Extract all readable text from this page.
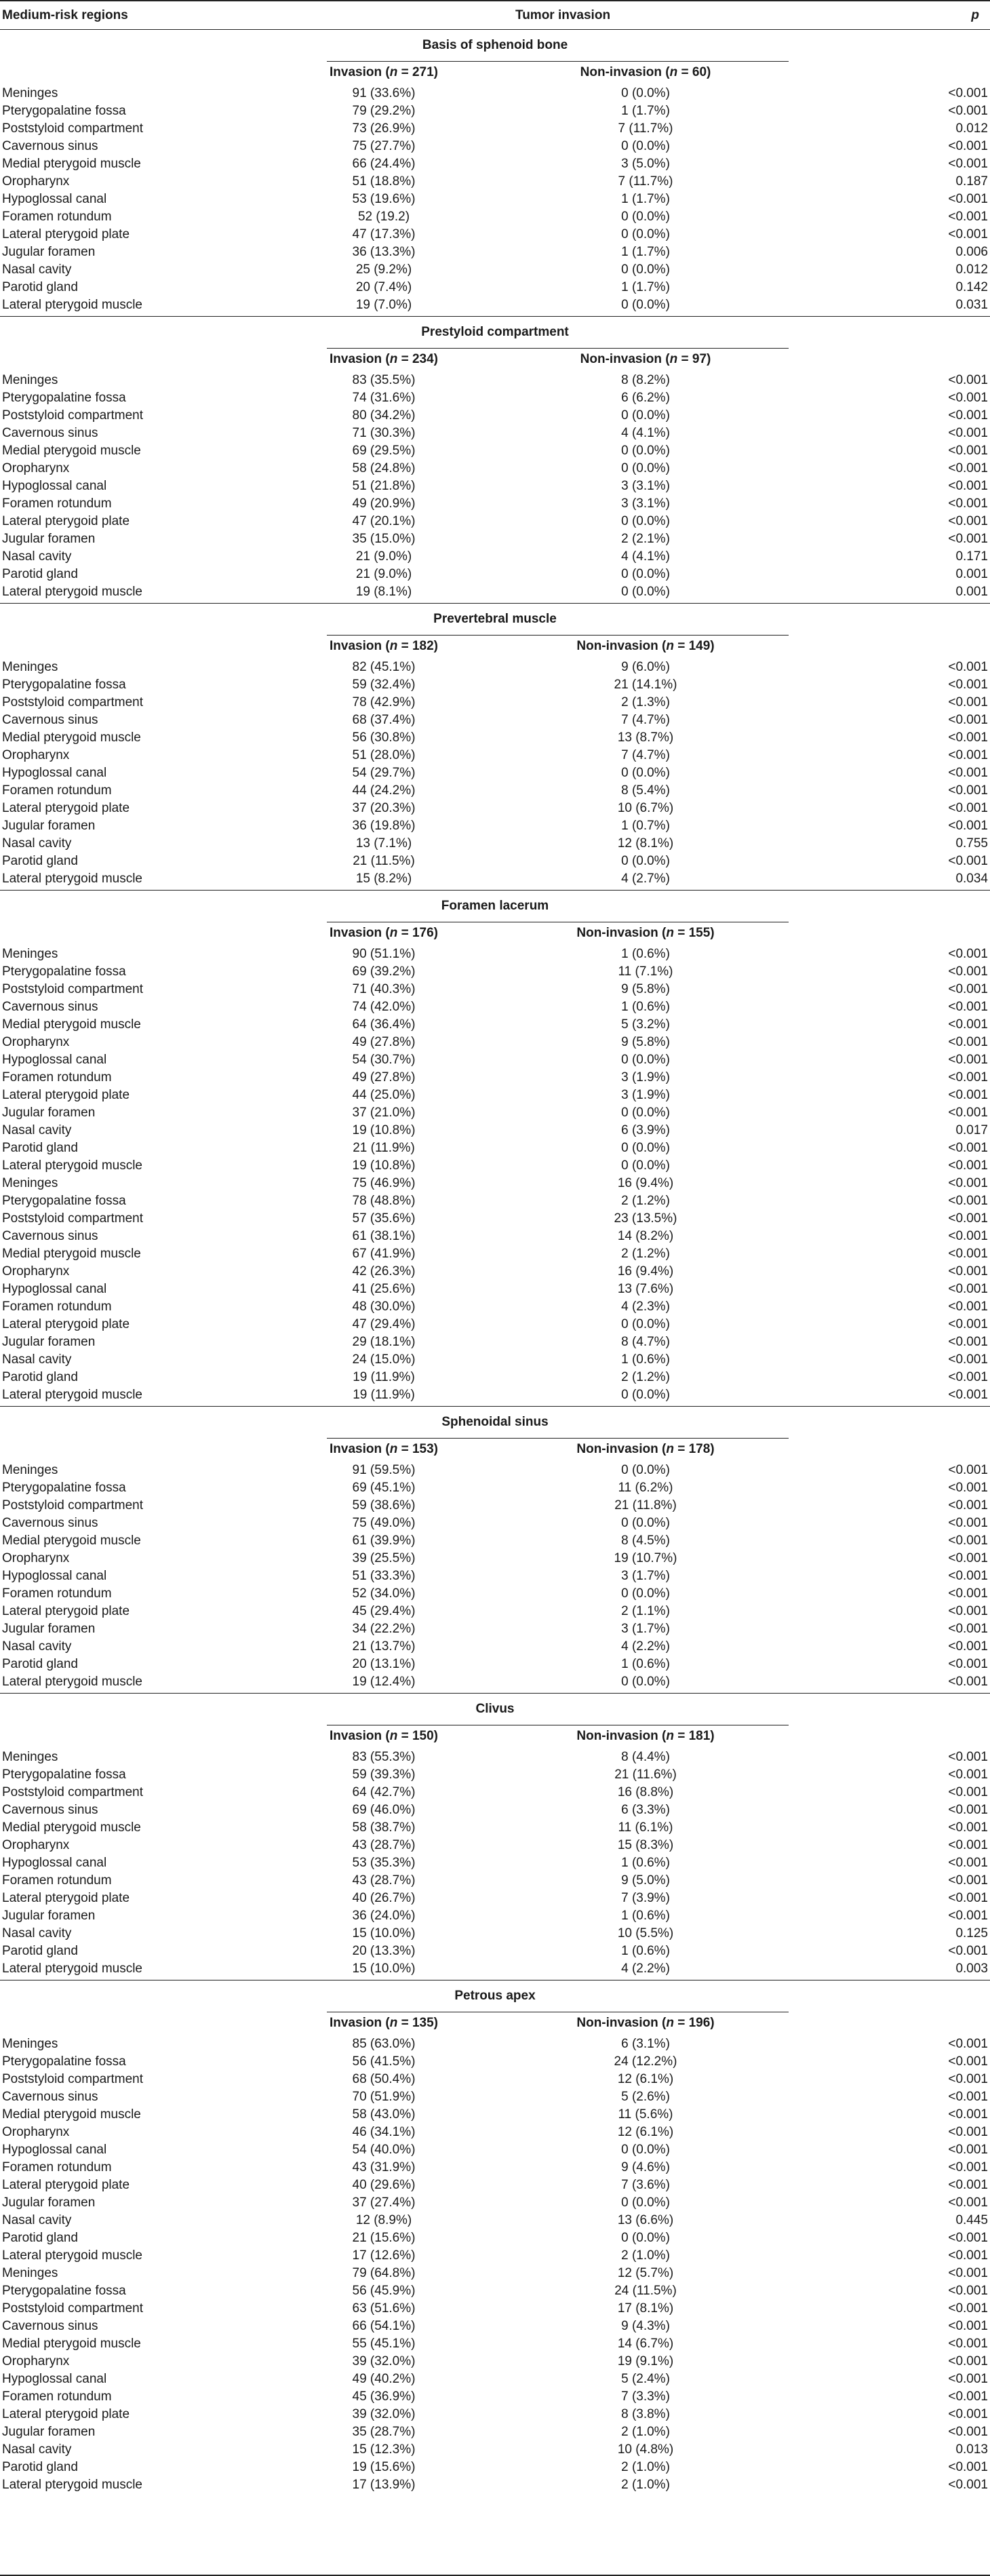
Medium-risk regions	Tumor invasion	p
Basis of sphenoid bone
Invasion (n = 271)	Non-invasion (n = 60)
Meninges	91 (33.6%)	0 (0.0%)	<0.001
Pterygopalatine fossa	79 (29.2%)	1 (1.7%)	<0.001
Poststyloid compartment	73 (26.9%)	7 (11.7%)	0.012
Cavernous sinus	75 (27.7%)	0 (0.0%)	<0.001
Medial pterygoid muscle	66 (24.4%)	3 (5.0%)	<0.001
Oropharynx	51 (18.8%)	7 (11.7%)	0.187
Hypoglossal canal	53 (19.6%)	1 (1.7%)	<0.001
Foramen rotundum	52 (19.2)	0 (0.0%)	<0.001
Lateral pterygoid plate	47 (17.3%)	0 (0.0%)	<0.001
Jugular foramen	36 (13.3%)	1 (1.7%)	0.006
Nasal cavity	25 (9.2%)	0 (0.0%)	0.012
Parotid gland	20 (7.4%)	1 (1.7%)	0.142
Lateral pterygoid muscle	19 (7.0%)	0 (0.0%)	0.031
Prestyloid compartment
Invasion (n = 234)	Non-invasion (n = 97)
Meninges	83 (35.5%)	8 (8.2%)	<0.001
Pterygopalatine fossa	74 (31.6%)	6 (6.2%)	<0.001
Poststyloid compartment	80 (34.2%)	0 (0.0%)	<0.001
Cavernous sinus	71 (30.3%)	4 (4.1%)	<0.001
Medial pterygoid muscle	69 (29.5%)	0 (0.0%)	<0.001
Oropharynx	58 (24.8%)	0 (0.0%)	<0.001
Hypoglossal canal	51 (21.8%)	3 (3.1%)	<0.001
Foramen rotundum	49 (20.9%)	3 (3.1%)	<0.001
Lateral pterygoid plate	47 (20.1%)	0 (0.0%)	<0.001
Jugular foramen	35 (15.0%)	2 (2.1%)	<0.001
Nasal cavity	21 (9.0%)	4 (4.1%)	0.171
Parotid gland	21 (9.0%)	0 (0.0%)	0.001
Lateral pterygoid muscle	19 (8.1%)	0 (0.0%)	0.001
Prevertebral muscle
Invasion (n = 182)	Non-invasion (n = 149)
Meninges	82 (45.1%)	9 (6.0%)	<0.001
Pterygopalatine fossa	59 (32.4%)	21 (14.1%)	<0.001
Poststyloid compartment	78 (42.9%)	2 (1.3%)	<0.001
Cavernous sinus	68 (37.4%)	7 (4.7%)	<0.001
Medial pterygoid muscle	56 (30.8%)	13 (8.7%)	<0.001
Oropharynx	51 (28.0%)	7 (4.7%)	<0.001
Hypoglossal canal	54 (29.7%)	0 (0.0%)	<0.001
Foramen rotundum	44 (24.2%)	8 (5.4%)	<0.001
Lateral pterygoid plate	37 (20.3%)	10 (6.7%)	<0.001
Jugular foramen	36 (19.8%)	1 (0.7%)	<0.001
Nasal cavity	13 (7.1%)	12 (8.1%)	0.755
Parotid gland	21 (11.5%)	0 (0.0%)	<0.001
Lateral pterygoid muscle	15 (8.2%)	4 (2.7%)	0.034
Foramen lacerum
Invasion (n = 176)	Non-invasion (n = 155)
Meninges	90 (51.1%)	1 (0.6%)	<0.001
Pterygopalatine fossa	69 (39.2%)	11 (7.1%)	<0.001
Poststyloid compartment	71 (40.3%)	9 (5.8%)	<0.001
Cavernous sinus	74 (42.0%)	1 (0.6%)	<0.001
Medial pterygoid muscle	64 (36.4%)	5 (3.2%)	<0.001
Oropharynx	49 (27.8%)	9 (5.8%)	<0.001
Hypoglossal canal	54 (30.7%)	0 (0.0%)	<0.001
Foramen rotundum	49 (27.8%)	3 (1.9%)	<0.001
Lateral pterygoid plate	44 (25.0%)	3 (1.9%)	<0.001
Jugular foramen	37 (21.0%)	0 (0.0%)	<0.001
Nasal cavity	19 (10.8%)	6 (3.9%)	0.017
Parotid gland	21 (11.9%)	0 (0.0%)	<0.001
Lateral pterygoid muscle	19 (10.8%)	0 (0.0%)	<0.001
Meninges	75 (46.9%)	16 (9.4%)	<0.001
Pterygopalatine fossa	78 (48.8%)	2 (1.2%)	<0.001
Poststyloid compartment	57 (35.6%)	23 (13.5%)	<0.001
Cavernous sinus	61 (38.1%)	14 (8.2%)	<0.001
Medial pterygoid muscle	67 (41.9%)	2 (1.2%)	<0.001
Oropharynx	42 (26.3%)	16 (9.4%)	<0.001
Hypoglossal canal	41 (25.6%)	13 (7.6%)	<0.001
Foramen rotundum	48 (30.0%)	4 (2.3%)	<0.001
Lateral pterygoid plate	47 (29.4%)	0 (0.0%)	<0.001
Jugular foramen	29 (18.1%)	8 (4.7%)	<0.001
Nasal cavity	24 (15.0%)	1 (0.6%)	<0.001
Parotid gland	19 (11.9%)	2 (1.2%)	<0.001
Lateral pterygoid muscle	19 (11.9%)	0 (0.0%)	<0.001
Sphenoidal sinus
Invasion (n = 153)	Non-invasion (n = 178)
Meninges	91 (59.5%)	0 (0.0%)	<0.001
Pterygopalatine fossa	69 (45.1%)	11 (6.2%)	<0.001
Poststyloid compartment	59 (38.6%)	21 (11.8%)	<0.001
Cavernous sinus	75 (49.0%)	0 (0.0%)	<0.001
Medial pterygoid muscle	61 (39.9%)	8 (4.5%)	<0.001
Oropharynx	39 (25.5%)	19 (10.7%)	<0.001
Hypoglossal canal	51 (33.3%)	3 (1.7%)	<0.001
Foramen rotundum	52 (34.0%)	0 (0.0%)	<0.001
Lateral pterygoid plate	45 (29.4%)	2 (1.1%)	<0.001
Jugular foramen	34 (22.2%)	3 (1.7%)	<0.001
Nasal cavity	21 (13.7%)	4 (2.2%)	<0.001
Parotid gland	20 (13.1%)	1 (0.6%)	<0.001
Lateral pterygoid muscle	19 (12.4%)	0 (0.0%)	<0.001
Clivus
Invasion (n = 150)	Non-invasion (n = 181)
Meninges	83 (55.3%)	8 (4.4%)	<0.001
Pterygopalatine fossa	59 (39.3%)	21 (11.6%)	<0.001
Poststyloid compartment	64 (42.7%)	16 (8.8%)	<0.001
Cavernous sinus	69 (46.0%)	6 (3.3%)	<0.001
Medial pterygoid muscle	58 (38.7%)	11 (6.1%)	<0.001
Oropharynx	43 (28.7%)	15 (8.3%)	<0.001
Hypoglossal canal	53 (35.3%)	1 (0.6%)	<0.001
Foramen rotundum	43 (28.7%)	9 (5.0%)	<0.001
Lateral pterygoid plate	40 (26.7%)	7 (3.9%)	<0.001
Jugular foramen	36 (24.0%)	1 (0.6%)	<0.001
Nasal cavity	15 (10.0%)	10 (5.5%)	0.125
Parotid gland	20 (13.3%)	1 (0.6%)	<0.001
Lateral pterygoid muscle	15 (10.0%)	4 (2.2%)	0.003
Petrous apex
Invasion (n = 135)	Non-invasion (n = 196)
Meninges	85 (63.0%)	6 (3.1%)	<0.001
Pterygopalatine fossa	56 (41.5%)	24 (12.2%)	<0.001
Poststyloid compartment	68 (50.4%)	12 (6.1%)	<0.001
Cavernous sinus	70 (51.9%)	5 (2.6%)	<0.001
Medial pterygoid muscle	58 (43.0%)	11 (5.6%)	<0.001
Oropharynx	46 (34.1%)	12 (6.1%)	<0.001
Hypoglossal canal	54 (40.0%)	0 (0.0%)	<0.001
Foramen rotundum	43 (31.9%)	9 (4.6%)	<0.001
Lateral pterygoid plate	40 (29.6%)	7 (3.6%)	<0.001
Jugular foramen	37 (27.4%)	0 (0.0%)	<0.001
Nasal cavity	12 (8.9%)	13 (6.6%)	0.445
Parotid gland	21 (15.6%)	0 (0.0%)	<0.001
Lateral pterygoid muscle	17 (12.6%)	2 (1.0%)	<0.001
Meninges	79 (64.8%)	12 (5.7%)	<0.001
Pterygopalatine fossa	56 (45.9%)	24 (11.5%)	<0.001
Poststyloid compartment	63 (51.6%)	17 (8.1%)	<0.001
Cavernous sinus	66 (54.1%)	9 (4.3%)	<0.001
Medial pterygoid muscle	55 (45.1%)	14 (6.7%)	<0.001
Oropharynx	39 (32.0%)	19 (9.1%)	<0.001
Hypoglossal canal	49 (40.2%)	5 (2.4%)	<0.001
Foramen rotundum	45 (36.9%)	7 (3.3%)	<0.001
Lateral pterygoid plate	39 (32.0%)	8 (3.8%)	<0.001
Jugular foramen	35 (28.7%)	2 (1.0%)	<0.001
Nasal cavity	15 (12.3%)	10 (4.8%)	0.013
Parotid gland	19 (15.6%)	2 (1.0%)	<0.001
Lateral pterygoid muscle	17 (13.9%)	2 (1.0%)	<0.001
